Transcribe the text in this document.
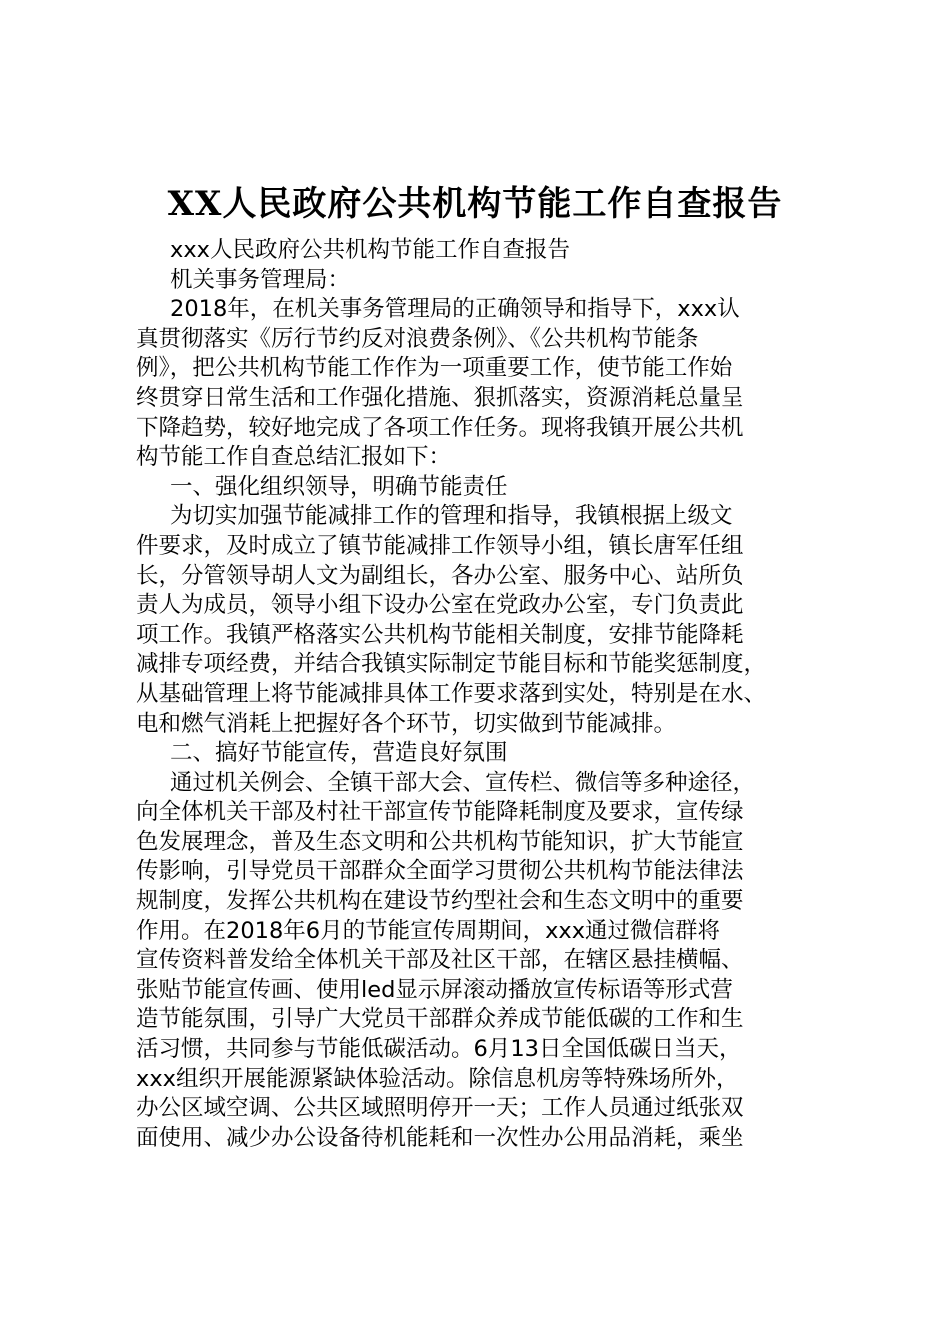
XX人民政府公共机构节能工作自查报告
xxx人民政府公共机构节能工作自查报告
机关事务管理局：
2018年，在机关事务管理局的正确领导和指导下，xxx认
真贯彻落实《厉行节约反对浪费条例》、《公共机构节能条
例》，把公共机构节能工作作为一项重要工作，使节能工作始
终贯穿日常生活和工作强化措施、狠抓落实，资源消耗总量呈
下降趋势，较好地完成了各项工作任务。现将我镇开展公共机
构节能工作自查总结汇报如下：
一、强化组织领导，明确节能责任
为切实加强节能减排工作的管理和指导，我镇根据上级文
件要求，及时成立了镇节能减排工作领导小组，镇长唐军任组
长，分管领导胡人文为副组长，各办公室、服务中心、站所负
责人为成员，领导小组下设办公室在党政办公室，专门负责此
项工作。我镇严格落实公共机构节能相关制度，安排节能降耗
减排专项经费，并结合我镇实际制定节能目标和节能奖惩制度，
从基础管理上将节能减排具体工作要求落到实处，特别是在水、
电和燃气消耗上把握好各个环节，切实做到节能减排。
二、搞好节能宣传，营造良好氛围
通过机关例会、全镇干部大会、宣传栏、微信等多种途径，
向全体机关干部及村社干部宣传节能降耗制度及要求，宣传绿
色发展理念，普及生态文明和公共机构节能知识，扩大节能宣
传影响，引导党员干部群众全面学习贯彻公共机构节能法律法
规制度，发挥公共机构在建设节约型社会和生态文明中的重要
作用。在2018年6月的节能宣传周期间，xxx通过微信群将
宣传资料普发给全体机关干部及社区干部，在辖区悬挂横幅、
张贴节能宣传画、使用led显示屏滚动播放宣传标语等形式营
造节能氛围，引导广大党员干部群众养成节能低碳的工作和生
活习惯，共同参与节能低碳活动。6月13日全国低碳日当天，
xxx组织开展能源紧缺体验活动。除信息机房等特殊场所外，
办公区域空调、公共区域照明停开一天；工作人员通过纸张双
面使用、减少办公设备待机能耗和一次性办公用品消耗，乘坐
